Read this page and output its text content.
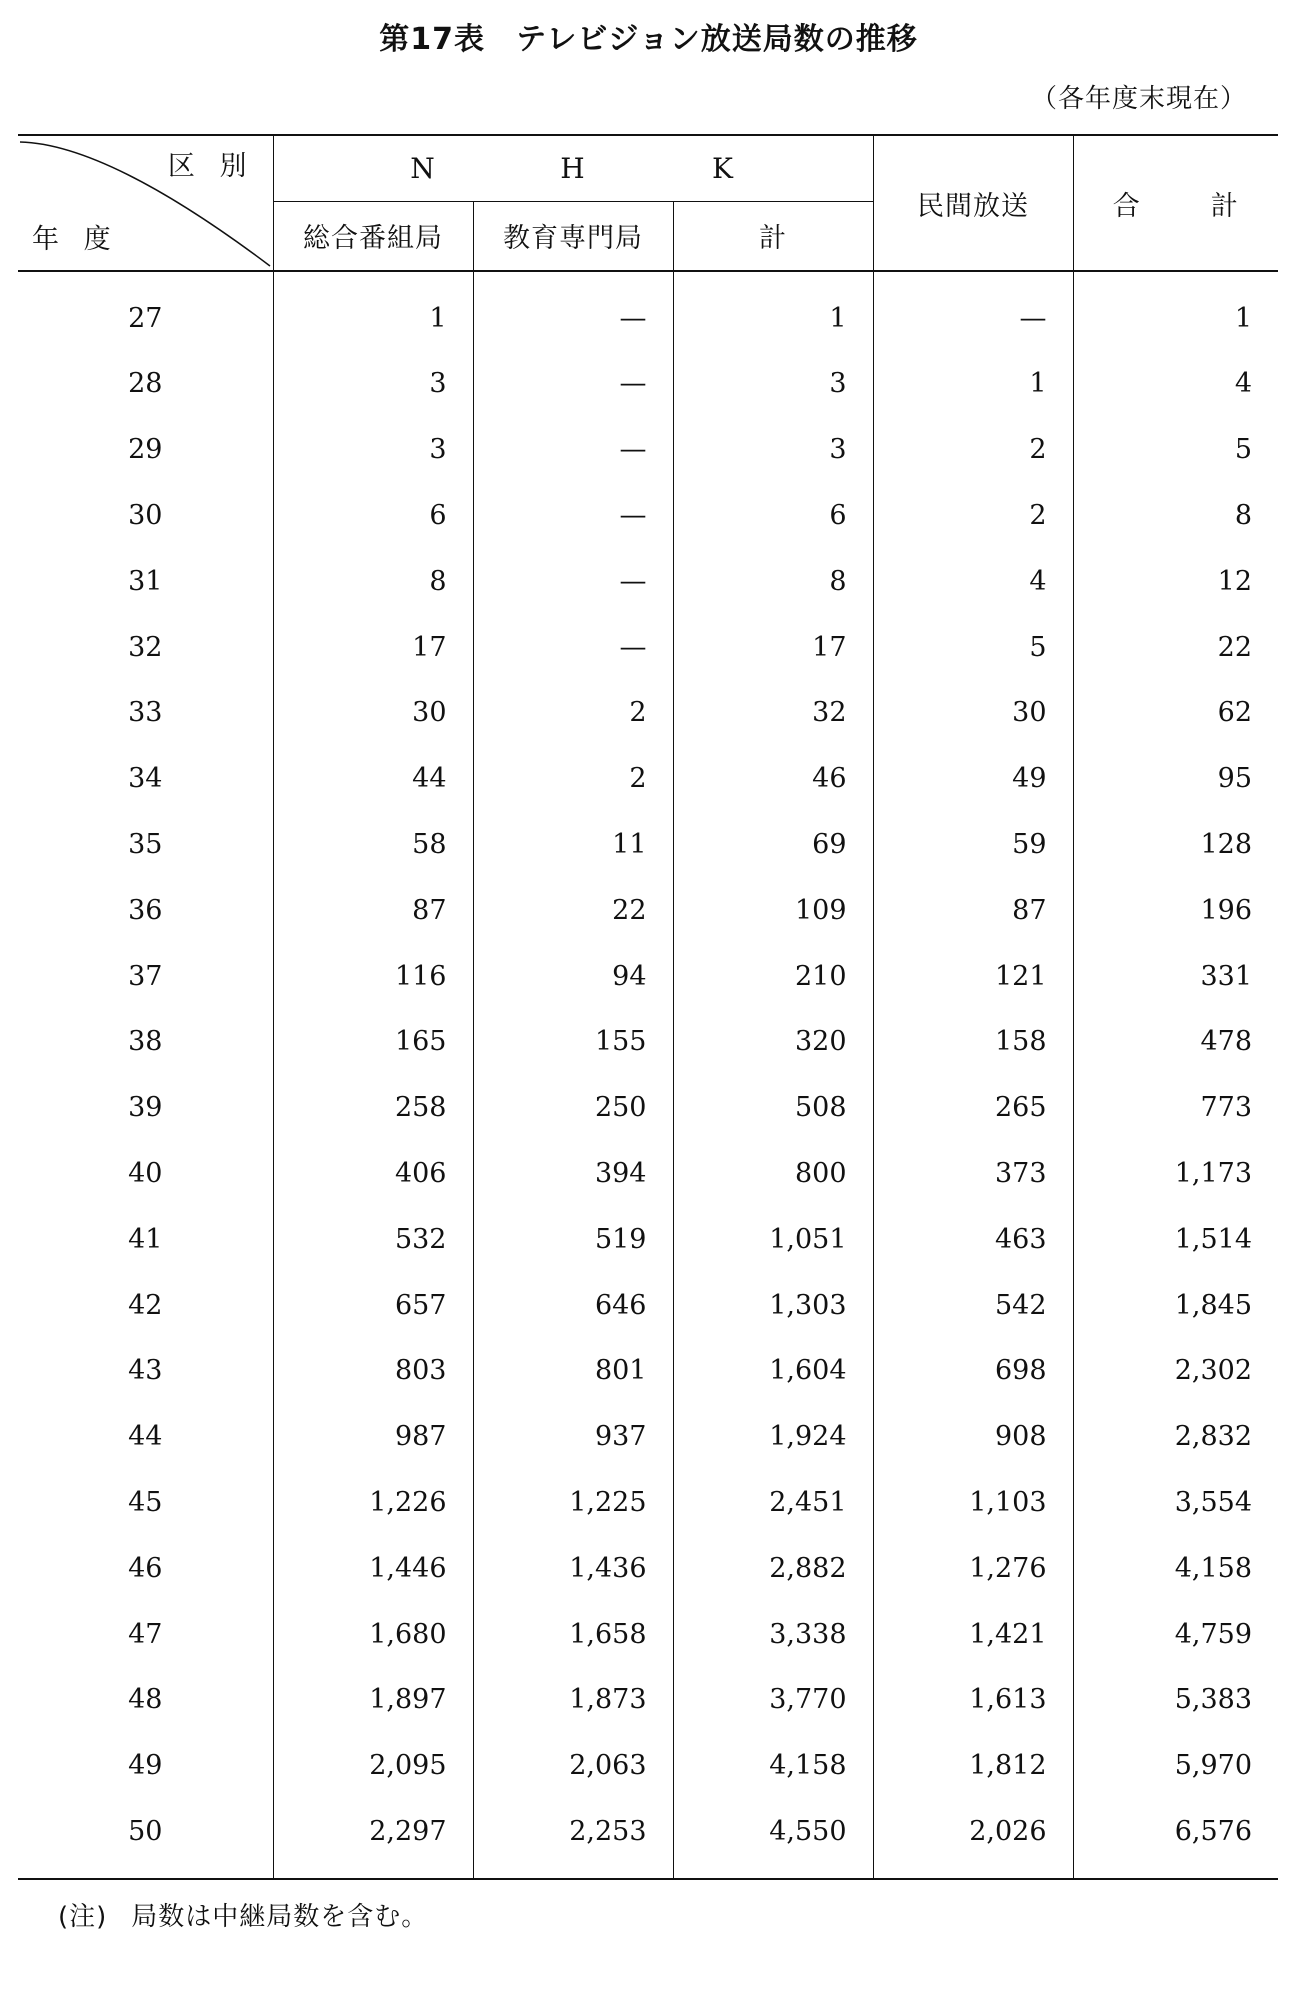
第17表　テレビジョン放送局数の推移
（各年度末現在）
区 別
年 度	N H K			民間放送	合 計
	総合番組局	教育専門局	計		
27	1	—	1	—	1
28	3	—	3	1	4
29	3	—	3	2	5
30	6	—	6	2	8
31	8	—	8	4	12
32	17	—	17	5	22
33	30	2	32	30	62
34	44	2	46	49	95
35	58	11	69	59	128
36	87	22	109	87	196
37	116	94	210	121	331
38	165	155	320	158	478
39	258	250	508	265	773
40	406	394	800	373	1,173
41	532	519	1,051	463	1,514
42	657	646	1,303	542	1,845
43	803	801	1,604	698	2,302
44	987	937	1,924	908	2,832
45	1,226	1,225	2,451	1,103	3,554
46	1,446	1,436	2,882	1,276	4,158
47	1,680	1,658	3,338	1,421	4,759
48	1,897	1,873	3,770	1,613	5,383
49	2,095	2,063	4,158	1,812	5,970
50	2,297	2,253	4,550	2,026	6,576
(注) 局数は中継局数を含む。
